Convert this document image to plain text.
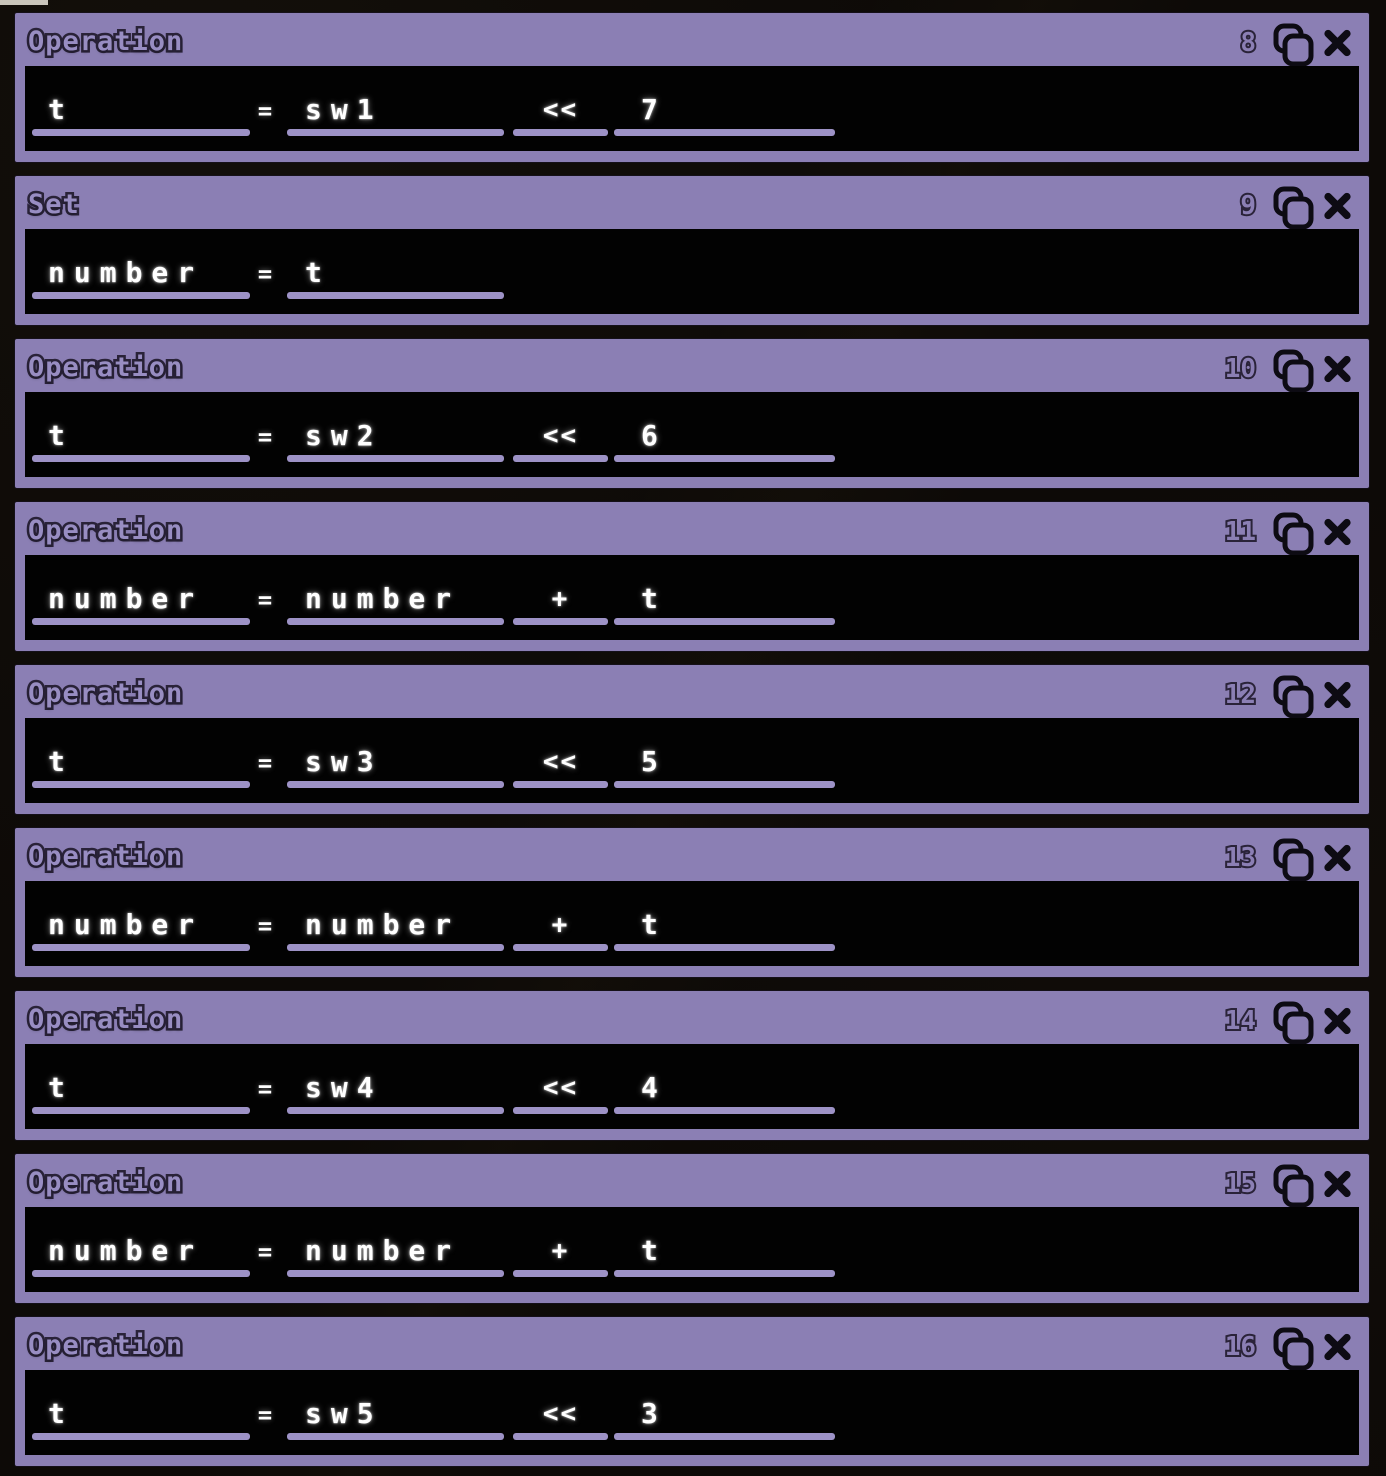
Operation	8
t	= sw1	<<	7
Set	9
number	= t
Operation	10
t	= sw2	<<	6
Operation	11
number	= number	+	t
Operation	12
t	= sw3	<<	5
Operation	13
number	= number	+	t
Operation	14
t	= sw4	<<	4
Operation	15
number	= number	+	t
Operation	16
t	= sw5	<<	3
